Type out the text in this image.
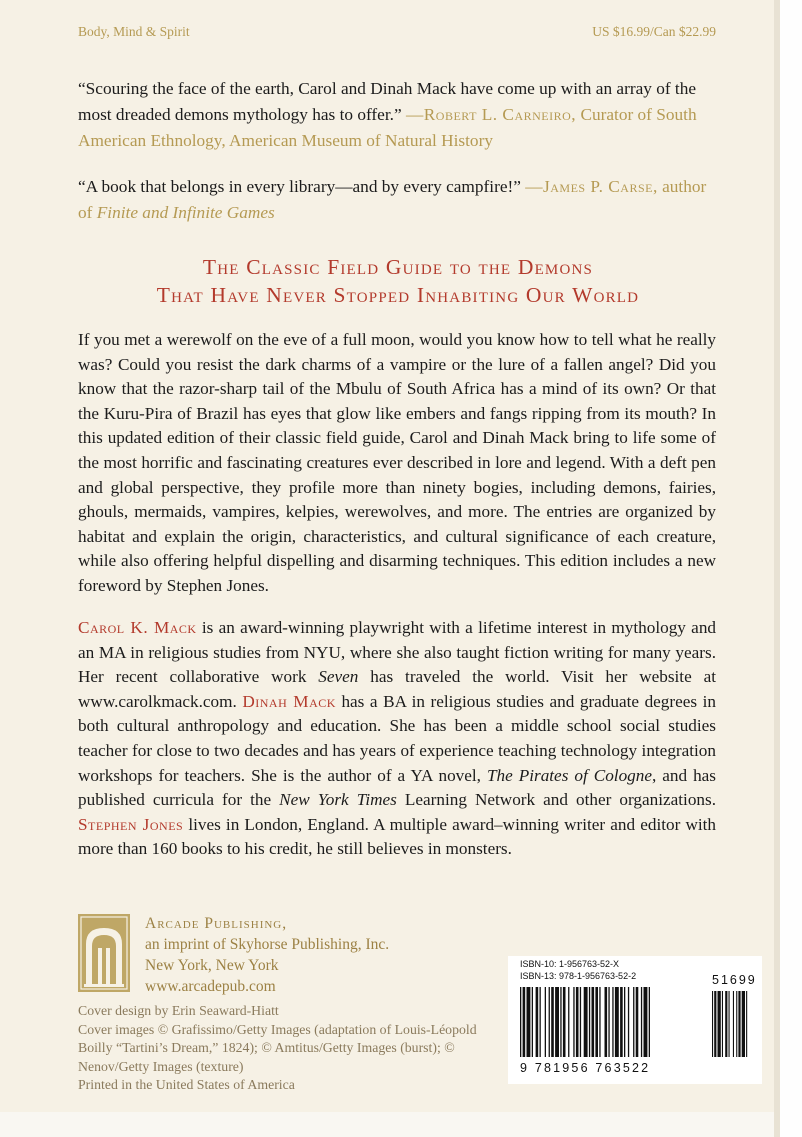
Body, Mind & Spirit	US $16.99/Can $22.99
“Scouring the face of the earth, Carol and Dinah Mack have come up with an array of the most dreaded demons mythology has to offer.” —Robert L. Carneiro, Curator of South American Ethnology, American Museum of Natural History
“A book that belongs in every library—and by every campfire!” —James P. Carse, author of Finite and Infinite Games
The Classic Field Guide to the Demons
That Have Never Stopped Inhabiting Our World
If you met a werewolf on the eve of a full moon, would you know how to tell what he really was? Could you resist the dark charms of a vampire or the lure of a fallen angel? Did you know that the razor-sharp tail of the Mbulu of South Africa has a mind of its own? Or that the Kuru-Pira of Brazil has eyes that glow like embers and fangs ripping from its mouth? In this updated edition of their classic field guide, Carol and Dinah Mack bring to life some of the most horrific and fascinating creatures ever described in lore and legend. With a deft pen and global perspective, they profile more than ninety bogies, including demons, fairies, ghouls, mermaids, vampires, kelpies, werewolves, and more. The entries are organized by habitat and explain the origin, characteristics, and cultural significance of each creature, while also offering helpful dispelling and disarming techniques. This edition includes a new foreword by Stephen Jones.
Carol K. Mack is an award-winning playwright with a lifetime interest in mythology and an MA in religious studies from NYU, where she also taught fiction writing for many years. Her recent collaborative work Seven has traveled the world. Visit her website at www.carolkmack.com. Dinah Mack has a BA in religious studies and graduate degrees in both cultural anthropology and education. She has been a middle school social studies teacher for close to two decades and has years of experience teaching technology integration workshops for teachers. She is the author of a YA novel, The Pirates of Cologne, and has published curricula for the New York Times Learning Network and other organizations. Stephen Jones lives in London, England. A multiple award–winning writer and editor with more than 160 books to his credit, he still believes in monsters.
Arcade Publishing,
an imprint of Skyhorse Publishing, Inc.
New York, New York
www.arcadepub.com
Cover design by Erin Seaward-Hiatt
Cover images © Grafissimo/Getty Images (adaptation of Louis-Léopold Boilly “Tartini’s Dream,” 1824); © Amtitus/Getty Images (burst); © Nenov/Getty Images (texture)
Printed in the United States of America
ISBN-10: 1-956763-52-X
ISBN-13: 978-1-956763-52-2	51699
9 781956 763522
